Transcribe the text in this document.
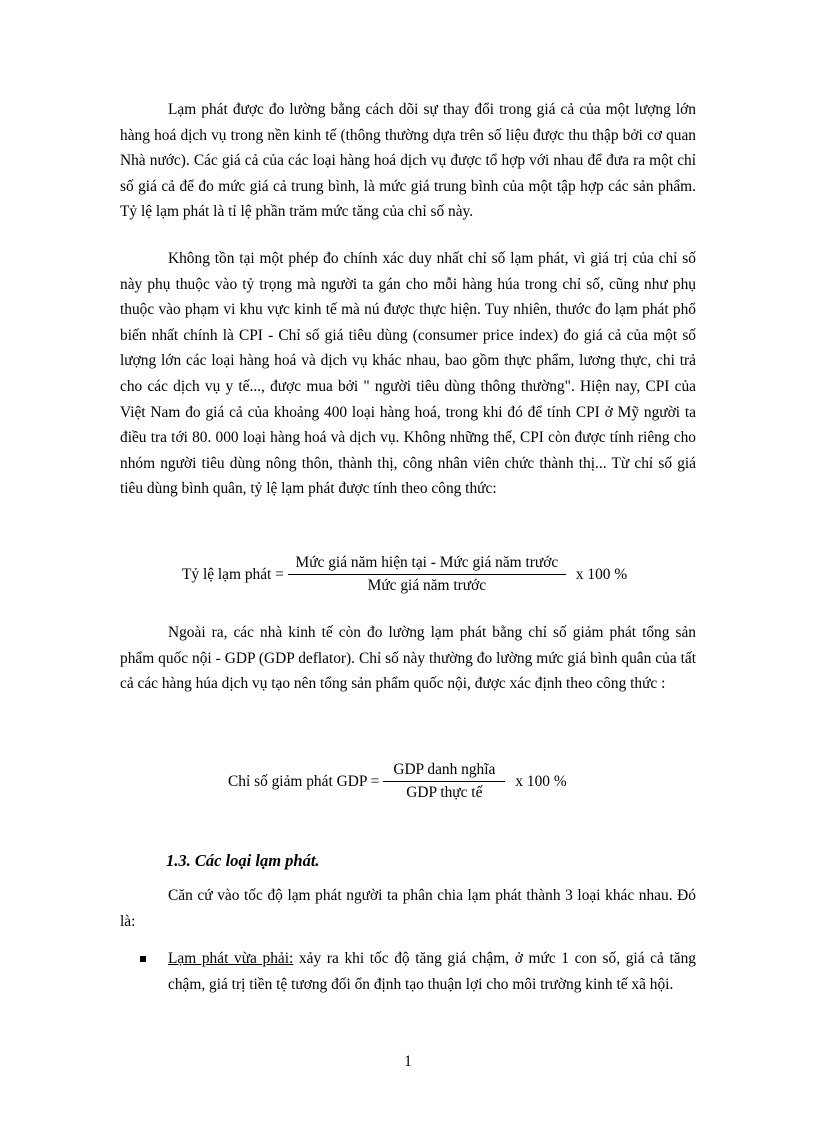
Lạm phát được đo lường bằng cách dõi sự thay đổi trong giá cả của một lượng lớn hàng hoá dịch vụ trong nền kinh tế (thông thường dựa trên số liệu được thu thập bởi cơ quan Nhà nước). Các giá cả của các loại hàng hoá dịch vụ được tổ hợp với nhau để đưa ra một chỉ số giá cả để đo mức giá cả trung bình, là mức giá trung bình của một tập hợp các sản phẩm. Tỷ lệ lạm phát là tỉ lệ phần trăm mức tăng của chỉ số này.

Không tồn tại một phép đo chính xác duy nhất chỉ số lạm phát, vì giá trị của chỉ số này phụ thuộc vào tỷ trọng mà người ta gán cho mỗi hàng húa trong chỉ số, cũng như phụ thuộc vào phạm vi khu vực kinh tế mà nú được thực hiện. Tuy nhiên, thước đo lạm phát phổ biến nhất chính là CPI - Chỉ số giá tiêu dùng (consumer price index) đo giá cả của một số lượng lớn các loại hàng hoá và dịch vụ khác nhau, bao gồm thực phẩm, lương thực, chi trả cho các dịch vụ y tế..., được mua bởi " người tiêu dùng thông thường". Hiện nay, CPI của Việt Nam đo giá cả của khoảng 400 loại hàng hoá, trong khi đó để tính CPI ở Mỹ người ta điều tra tới 80. 000 loại hàng hoá và dịch vụ. Không những thế, CPI còn được tính riêng cho nhóm người tiêu dùng nông thôn, thành thị, công nhân viên chức thành thị... Từ chỉ số giá tiêu dùng bình quân, tỷ lệ lạm phát được tính theo công thức:

Tỷ lệ lạm phát = $\frac{\text{Mức giá năm hiện tại - Mức giá năm trước}}{\text{Mức giá năm trước}}$ x 100 %

Ngoài ra, các nhà kinh tế còn đo lường lạm phát bằng chỉ số giảm phát tổng sản phẩm quốc nội - GDP (GDP deflator). Chỉ số này thường đo lường mức giá bình quân của tất cả các hàng húa dịch vụ tạo nên tổng sản phẩm quốc nội, được xác định theo công thức :

Chỉ số giảm phát GDP = $\frac{\text{GDP danh nghĩa}}{\text{GDP thực tế}}$ x 100 %
1.3. Các loại lạm phát.

Căn cứ vào tốc độ lạm phát người ta phân chia lạm phát thành 3 loại khác nhau. Đó là:

Lạm phát vừa phải: xảy ra khi tốc độ tăng giá chậm, ở mức 1 con số, giá cả tăng chậm, giá trị tiền tệ tương đối ổn định tạo thuận lợi cho môi trường kinh tế xã hội.
1
